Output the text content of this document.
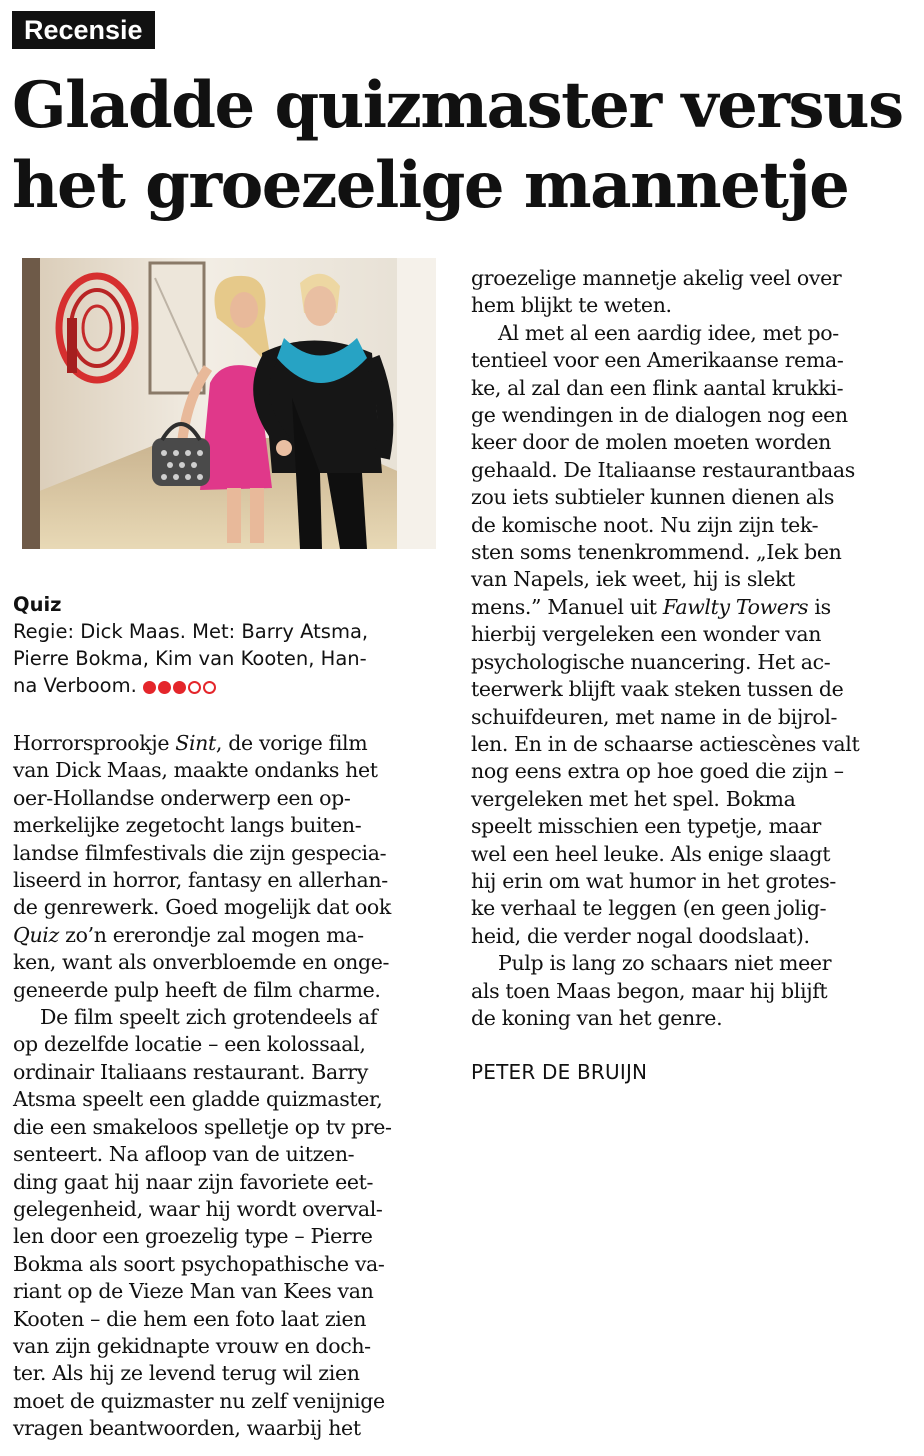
Recensie
Gladde quizmaster versus
het groezelige mannetje
Quiz
Regie: Dick Maas. Met: Barry Atsma,
Pierre Bokma, Kim van Kooten, Han-
na Verboom.
Horrorsprookje Sint, de vorige film
van Dick Maas, maakte ondanks het
oer-Hollandse onderwerp een op-
merkelijke zegetocht langs buiten-
landse filmfestivals die zijn gespecia-
liseerd in horror, fantasy en allerhan-
de genrewerk. Goed mogelijk dat ook
Quiz zo’n ererondje zal mogen ma-
ken, want als onverbloemde en onge-
geneerde pulp heeft de film charme.
De film speelt zich grotendeels af
op dezelfde locatie – een kolossaal,
ordinair Italiaans restaurant. Barry
Atsma speelt een gladde quizmaster,
die een smakeloos spelletje op tv pre-
senteert. Na afloop van de uitzen-
ding gaat hij naar zijn favoriete eet-
gelegenheid, waar hij wordt overval-
len door een groezelig type – Pierre
Bokma als soort psychopathische va-
riant op de Vieze Man van Kees van
Kooten – die hem een foto laat zien
van zijn gekidnapte vrouw en doch-
ter. Als hij ze levend terug wil zien
moet de quizmaster nu zelf venijnige
vragen beantwoorden, waarbij het
groezelige mannetje akelig veel over
hem blijkt te weten.
Al met al een aardig idee, met po-
tentieel voor een Amerikaanse rema-
ke, al zal dan een flink aantal krukki-
ge wendingen in de dialogen nog een
keer door de molen moeten worden
gehaald. De Italiaanse restaurantbaas
zou iets subtieler kunnen dienen als
de komische noot. Nu zijn zijn tek-
sten soms tenenkrommend. „Iek ben
van Napels, iek weet, hij is slekt
mens.” Manuel uit Fawlty Towers is
hierbij vergeleken een wonder van
psychologische nuancering. Het ac-
teerwerk blijft vaak steken tussen de
schuifdeuren, met name in de bijrol-
len. En in de schaarse actiescènes valt
nog eens extra op hoe goed die zijn –
vergeleken met het spel. Bokma
speelt misschien een typetje, maar
wel een heel leuke. Als enige slaagt
hij erin om wat humor in het grotes-
ke verhaal te leggen (en geen jolig-
heid, die verder nogal doodslaat).
Pulp is lang zo schaars niet meer
als toen Maas begon, maar hij blijft
de koning van het genre.
PETER DE BRUIJN
